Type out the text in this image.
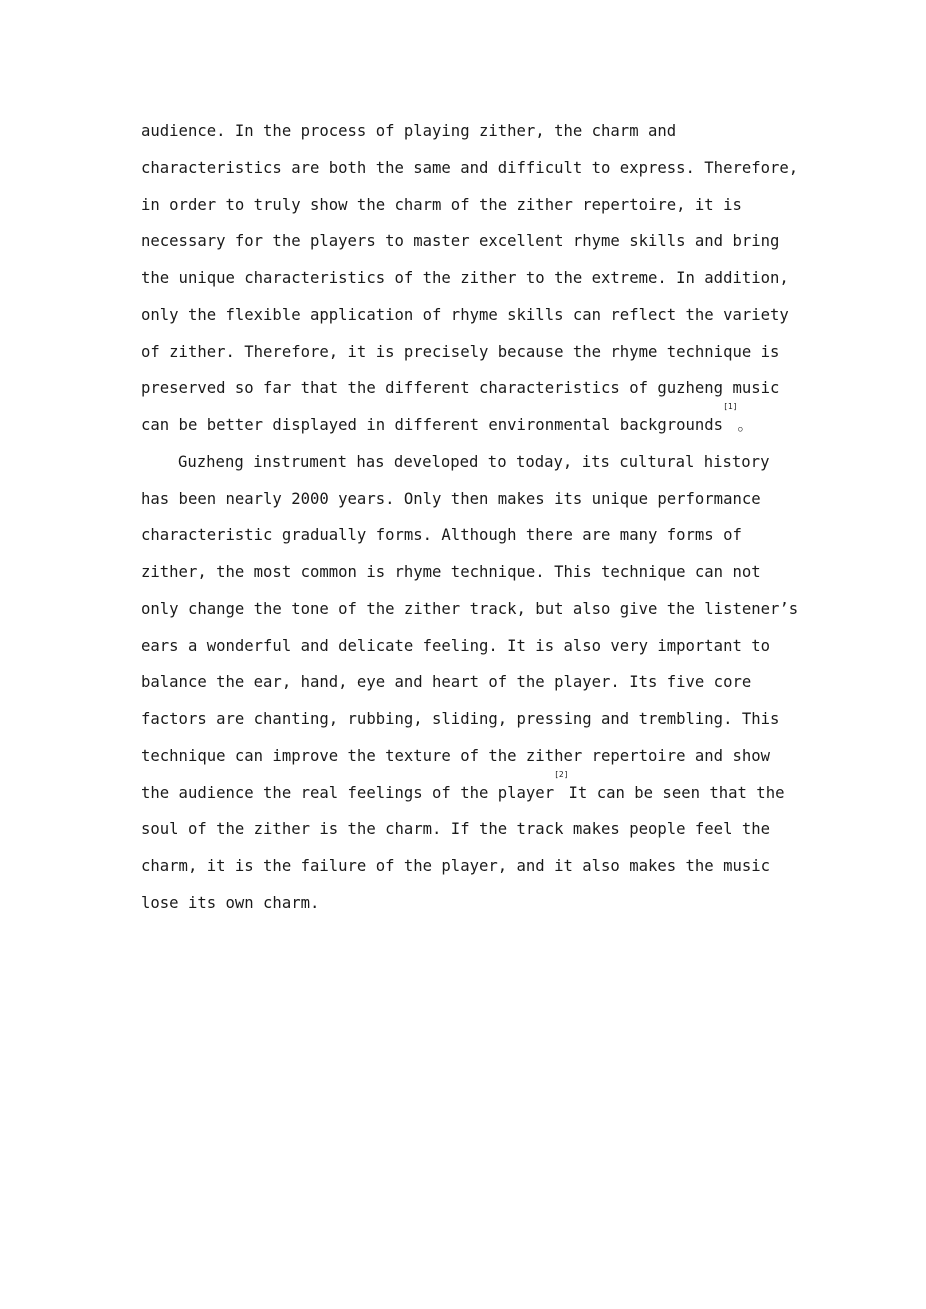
audience. In the process of playing zither, the charm and
characteristics are both the same and difficult to express. Therefore,
in order to truly show the charm of the zither repertoire, it is
necessary for the players to master excellent rhyme skills and bring
the unique characteristics of the zither to the extreme. In addition,
only the flexible application of rhyme skills can reflect the variety
of zither. Therefore, it is precisely because the rhyme technique is
preserved so far that the different characteristics of guzheng music
can be better displayed in different environmental backgrounds[1]。
Guzheng instrument has developed to today, its cultural history
has been nearly 2000 years. Only then makes its unique performance
characteristic gradually forms. Although there are many forms of
zither, the most common is rhyme technique. This technique can not
only change the tone of the zither track, but also give the listener’s
ears a wonderful and delicate feeling. It is also very important to
balance the ear, hand, eye and heart of the player. Its five core
factors are chanting, rubbing, sliding, pressing and trembling. This
technique can improve the texture of the zither repertoire and show
the audience the real feelings of the player[2]It can be seen that the
soul of the zither is the charm. If the track makes people feel the
charm, it is the failure of the player, and it also makes the music
lose its own charm.
